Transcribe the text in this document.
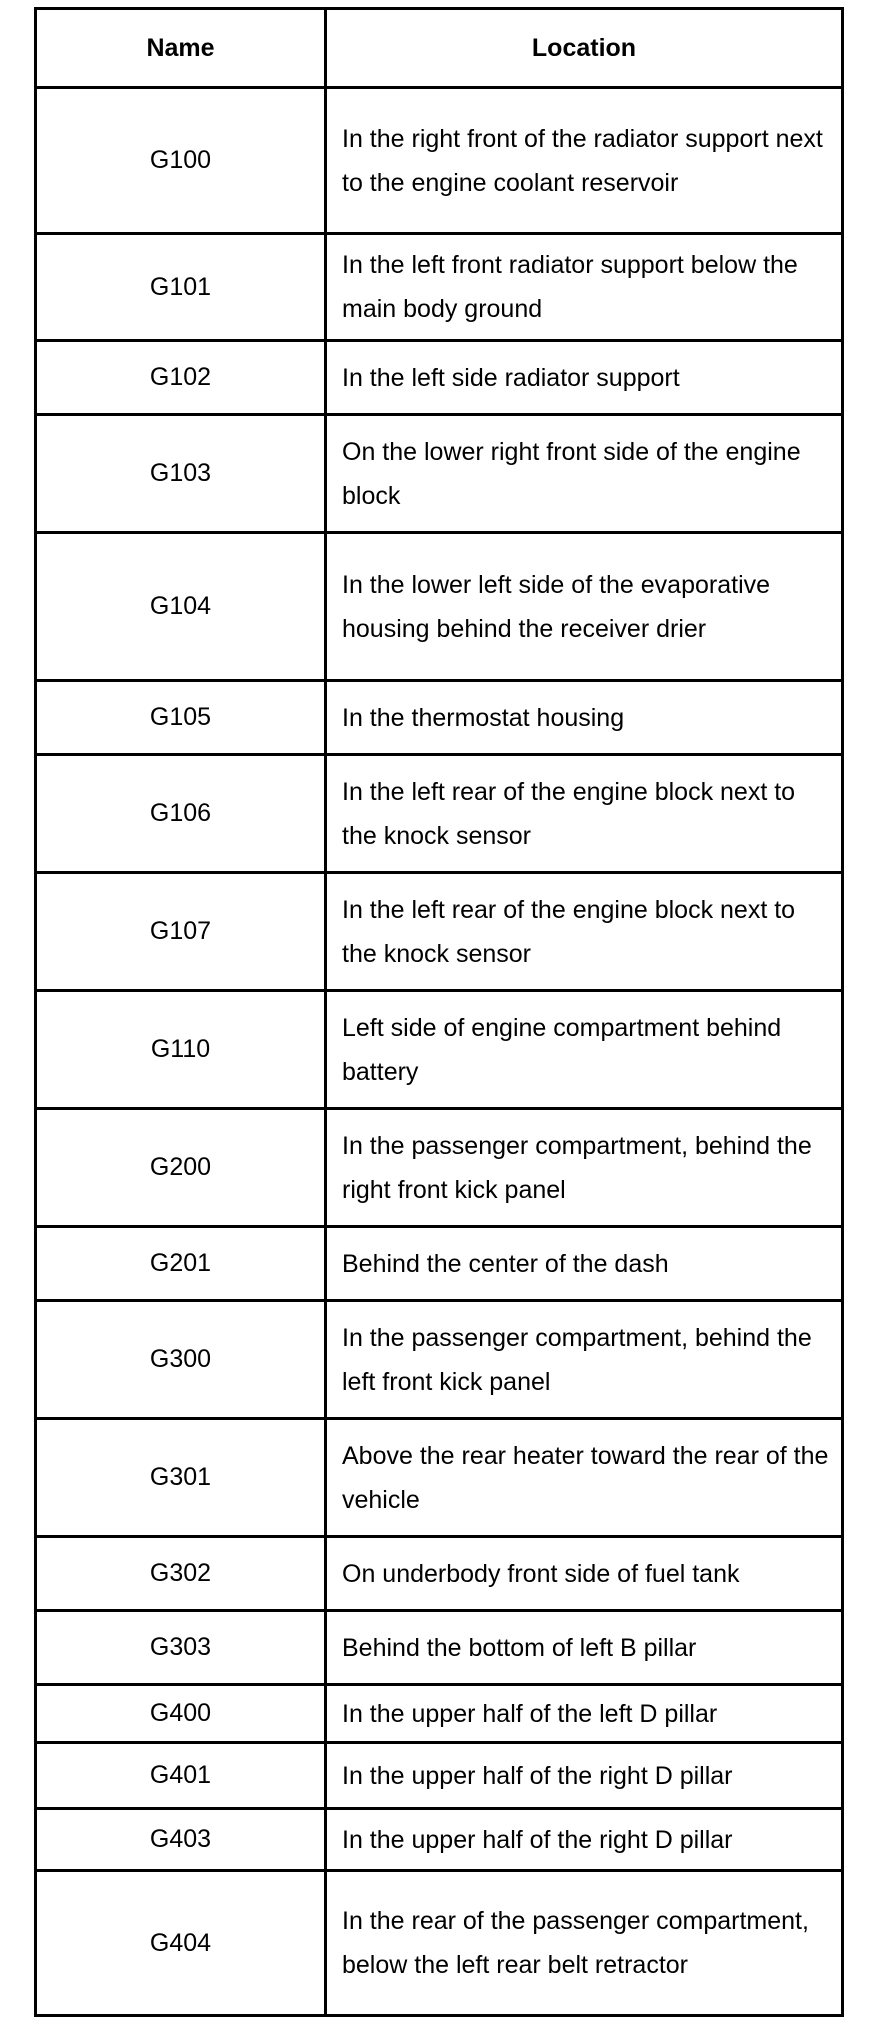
Name	Location
G100	In the right front of the radiator support next to the engine coolant reservoir
G101	In the left front radiator support below the main body ground
G102	In the left side radiator support
G103	On the lower right front side of the engine block
G104	In the lower left side of the evaporative housing behind the receiver drier
G105	In the thermostat housing
G106	In the left rear of the engine block next to the knock sensor
G107	In the left rear of the engine block next to the knock sensor
G110	Left side of engine compartment behind battery
G200	In the passenger compartment, behind the right front kick panel
G201	Behind the center of the dash
G300	In the passenger compartment, behind the left front kick panel
G301	Above the rear heater toward the rear of the vehicle
G302	On underbody front side of fuel tank
G303	Behind the bottom of left B pillar
G400	In the upper half of the left D pillar
G401	In the upper half of the right D pillar
G403	In the upper half of the right D pillar
G404	In the rear of the passenger compartment, below the left rear belt retractor
